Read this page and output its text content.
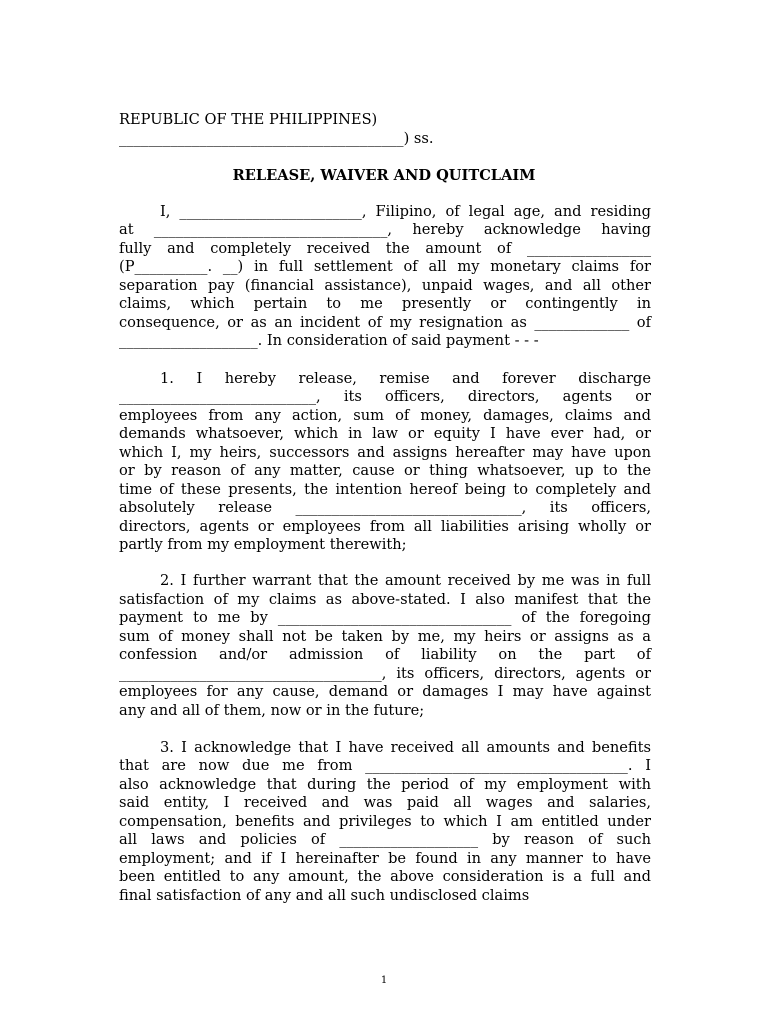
REPUBLIC OF THE PHILIPPINES)
_______________________________________) ss.
RELEASE, WAIVER AND QUITCLAIM
I, _________________________, Filipino, of legal age, and residing
at ________________________________, hereby acknowledge having
fully and completely received the amount of _________________
(P__________. __) in full settlement of all my monetary claims for
separation pay (financial assistance), unpaid wages, and all other
claims, which pertain to me presently or contingently in
consequence, or as an incident of my resignation as _____________ of
___________________. In consideration of said payment - - -
1. I hereby release, remise and forever discharge
___________________________, its officers, directors, agents or
employees from any action, sum of money, damages, claims and
demands whatsoever, which in law or equity I have ever had, or
which I, my heirs, successors and assigns hereafter may have upon
or by reason of any matter, cause or thing whatsoever, up to the
time of these presents, the intention hereof being to completely and
absolutely release _______________________________, its officers,
directors, agents or employees from all liabilities arising wholly or
partly from my employment therewith;
2. I further warrant that the amount received by me was in full
satisfaction of my claims as above-stated. I also manifest that the
payment to me by ________________________________ of the foregoing
sum of money shall not be taken by me, my heirs or assigns as a
confession and/or admission of liability on the part of
____________________________________, its officers, directors, agents or
employees for any cause, demand or damages I may have against
any and all of them, now or in the future;
3. I acknowledge that I have received all amounts and benefits
that are now due me from ____________________________________. I
also acknowledge that during the period of my employment with
said entity, I received and was paid all wages and salaries,
compensation, benefits and privileges to which I am entitled under
all laws and policies of ___________________ by reason of such
employment; and if I hereinafter be found in any manner to have
been entitled to any amount, the above consideration is a full and
final satisfaction of any and all such undisclosed claims
1
